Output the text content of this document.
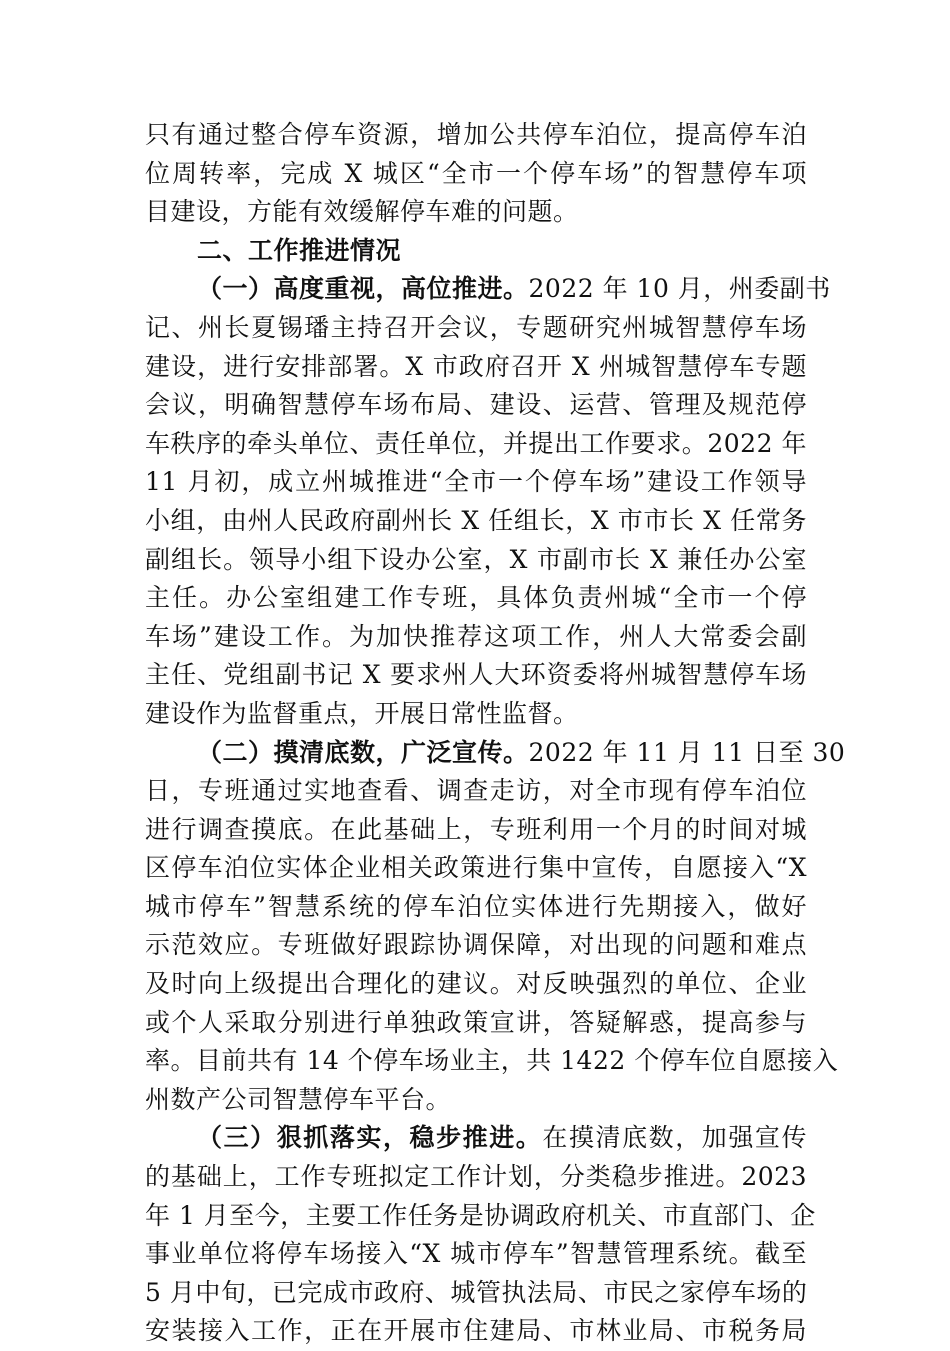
只有通过整合停车资源，增加公共停车泊位，提高停车泊
位周转率，完成 X 城区“全市一个停车场”的智慧停车项
目建设，方能有效缓解停车难的问题。
二、工作推进情况
（一）高度重视，高位推进。2022 年 10 月，州委副书
记、州长夏锡璠主持召开会议，专题研究州城智慧停车场
建设，进行安排部署。X 市政府召开 X 州城智慧停车专题
会议，明确智慧停车场布局、建设、运营、管理及规范停
车秩序的牵头单位、责任单位，并提出工作要求。2022 年
11 月初，成立州城推进“全市一个停车场”建设工作领导
小组，由州人民政府副州长 X 任组长，X 市市长 X 任常务
副组长。领导小组下设办公室，X 市副市长 X 兼任办公室
主任。办公室组建工作专班，具体负责州城“全市一个停
车场”建设工作。为加快推荐这项工作，州人大常委会副
主任、党组副书记 X 要求州人大环资委将州城智慧停车场
建设作为监督重点，开展日常性监督。
（二）摸清底数，广泛宣传。2022 年 11 月 11 日至 30
日，专班通过实地查看、调查走访，对全市现有停车泊位
进行调查摸底。在此基础上，专班利用一个月的时间对城
区停车泊位实体企业相关政策进行集中宣传，自愿接入“X
城市停车”智慧系统的停车泊位实体进行先期接入，做好
示范效应。专班做好跟踪协调保障，对出现的问题和难点
及时向上级提出合理化的建议。对反映强烈的单位、企业
或个人采取分别进行单独政策宣讲，答疑解惑，提高参与
率。目前共有 14 个停车场业主，共 1422 个停车位自愿接入
州数产公司智慧停车平台。
（三）狠抓落实，稳步推进。在摸清底数，加强宣传
的基础上，工作专班拟定工作计划，分类稳步推进。2023
年 1 月至今，主要工作任务是协调政府机关、市直部门、企
事业单位将停车场接入“X 城市停车”智慧管理系统。截至
5 月中旬，已完成市政府、城管执法局、市民之家停车场的
安装接入工作，正在开展市住建局、市林业局、市税务局
